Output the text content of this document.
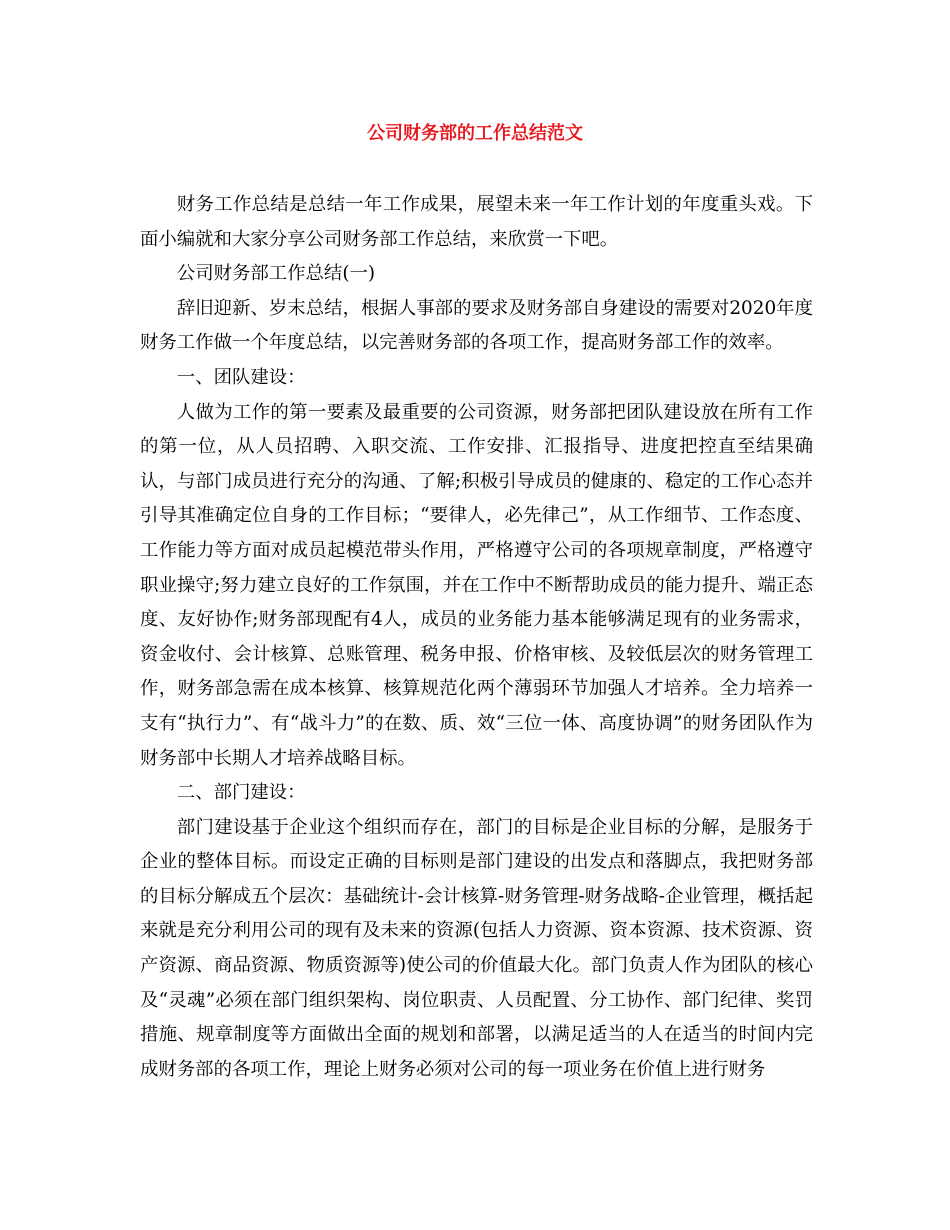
公司财务部的工作总结范文

财务工作总结是总结一年工作成果，展望未来一年工作计划的年度重头戏。下面小编就和大家分享公司财务部工作总结，来欣赏一下吧。

公司财务部工作总结(一)

辞旧迎新、岁末总结，根据人事部的要求及财务部自身建设的需要对2020年度财务工作做一个年度总结，以完善财务部的各项工作，提高财务部工作的效率。

一、团队建设：

人做为工作的第一要素及最重要的公司资源，财务部把团队建设放在所有工作的第一位，从人员招聘、入职交流、工作安排、汇报指导、进度把控直至结果确认，与部门成员进行充分的沟通、了解;积极引导成员的健康的、稳定的工作心态并引导其准确定位自身的工作目标；“要律人，必先律己”，从工作细节、工作态度、工作能力等方面对成员起模范带头作用，严格遵守公司的各项规章制度，严格遵守职业操守;努力建立良好的工作氛围，并在工作中不断帮助成员的能力提升、端正态度、友好协作;财务部现配有4人，成员的业务能力基本能够满足现有的业务需求，资金收付、会计核算、总账管理、税务申报、价格审核、及较低层次的财务管理工作，财务部急需在成本核算、核算规范化两个薄弱环节加强人才培养。全力培养一支有“执行力”、有“战斗力”的在数、质、效“三位一体、高度协调”的财务团队作为财务部中长期人才培养战略目标。

二、部门建设：

部门建设基于企业这个组织而存在，部门的目标是企业目标的分解，是服务于企业的整体目标。而设定正确的目标则是部门建设的出发点和落脚点，我把财务部的目标分解成五个层次：基础统计-会计核算-财务管理-财务战略-企业管理，概括起来就是充分利用公司的现有及未来的资源(包括人力资源、资本资源、技术资源、资产资源、商品资源、物质资源等)使公司的价值最大化。部门负责人作为团队的核心及“灵魂”必须在部门组织架构、岗位职责、人员配置、分工协作、部门纪律、奖罚措施、规章制度等方面做出全面的规划和部署，以满足适当的人在适当的时间内完成财务部的各项工作，理论上财务必须对公司的每一项业务在价值上进行财务
